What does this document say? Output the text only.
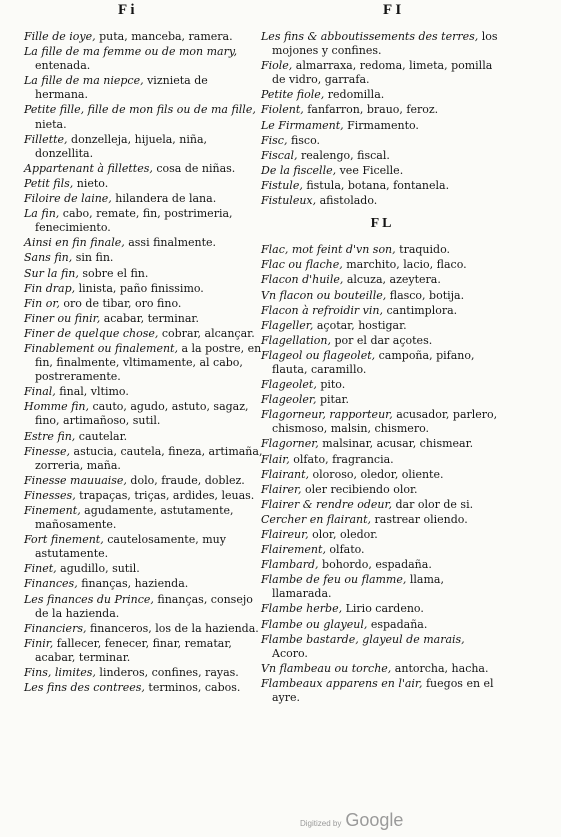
F i	F I
Fille de ioye, puta, manceba, ramera.
La fille de ma femme ou de mon mary, entenada.
La fille de ma niepce, viznieta de hermana.
Petite fille, fille de mon fils ou de ma fille, nieta.
Fillette, donzelleja, hijuela, niña, donzellita.
Appartenant à fillettes, cosa de niñas.
Petit fils, nieto.
Filoire de laine, hilandera de lana.
La fin, cabo, remate, fin, postrimeria, fenecimiento.
Ainsi en fin finale, assi finalmente.
Sans fin, sin fin.
Sur la fin, sobre el fin.
Fin drap, linista, paño finissimo.
Fin or, oro de tibar, oro fino.
Finer ou finir, acabar, terminar.
Finer de quelque chose, cobrar, alcançar.
Finablement ou finalement, a la postre, en fin, finalmente, vltimamente, al cabo, postreramente.
Final, final, vltimo.
Homme fin, cauto, agudo, astuto, sagaz, fino, artimañoso, sutil.
Estre fin, cautelar.
Finesse, astucia, cautela, fineza, artimaña, zorreria, maña.
Finesse mauuaise, dolo, fraude, doblez.
Finesses, trapaças, triças, ardides, leuas.
Finement, agudamente, astutamente, mañosamente.
Fort finement, cautelosamente, muy astutamente.
Finet, agudillo, sutil.
Finances, finanças, hazienda.
Les finances du Prince, finanças, consejo de la hazienda.
Financiers, financeros, los de la hazienda.
Finir, fallecer, fenecer, finar, rematar, acabar, terminar.
Fins, limites, linderos, confines, rayas.
Les fins des contrees, terminos, cabos.
Les fins & abboutissements des terres, los mojones y confines.
Fiole, almarraxa, redoma, limeta, pomilla de vidro, garrafa.
Petite fiole, redomilla.
Fiolent, fanfarron, brauo, feroz.
Le Firmament, Firmamento.
Fisc, fisco.
Fiscal, realengo, fiscal.
De la fiscelle, vee Ficelle.
Fistule, fistula, botana, fontanela.
Fistuleux, afistolado.
F L
Flac, mot feint d'vn son, traquido.
Flac ou flache, marchito, lacio, flaco.
Flacon d'huile, alcuza, azeytera.
Vn flacon ou bouteille, flasco, botija.
Flacon à refroidir vin, cantimplora.
Flageller, açotar, hostigar.
Flagellation, por el dar açotes.
Flageol ou flageolet, campoña, pifano, flauta, caramillo.
Flageolet, pito.
Flageoler, pitar.
Flagorneur, rapporteur, acusador, parlero, chismoso, malsin, chismero.
Flagorner, malsinar, acusar, chismear.
Flair, olfato, fragrancia.
Flairant, oloroso, oledor, oliente.
Flairer, oler recibiendo olor.
Flairer & rendre odeur, dar olor de si.
Cercher en flairant, rastrear oliendo.
Flaireur, olor, oledor.
Flairement, olfato.
Flambard, bohordo, espadaña.
Flambe de feu ou flamme, llama, llamarada.
Flambe herbe, Lirio cardeno.
Flambe ou glayeul, espadaña.
Flambe bastarde, glayeul de marais, Acoro.
Vn flambeau ou torche, antorcha, hacha.
Flambeaux apparens en l'air, fuegos en el ayre.
Digitized by Google
